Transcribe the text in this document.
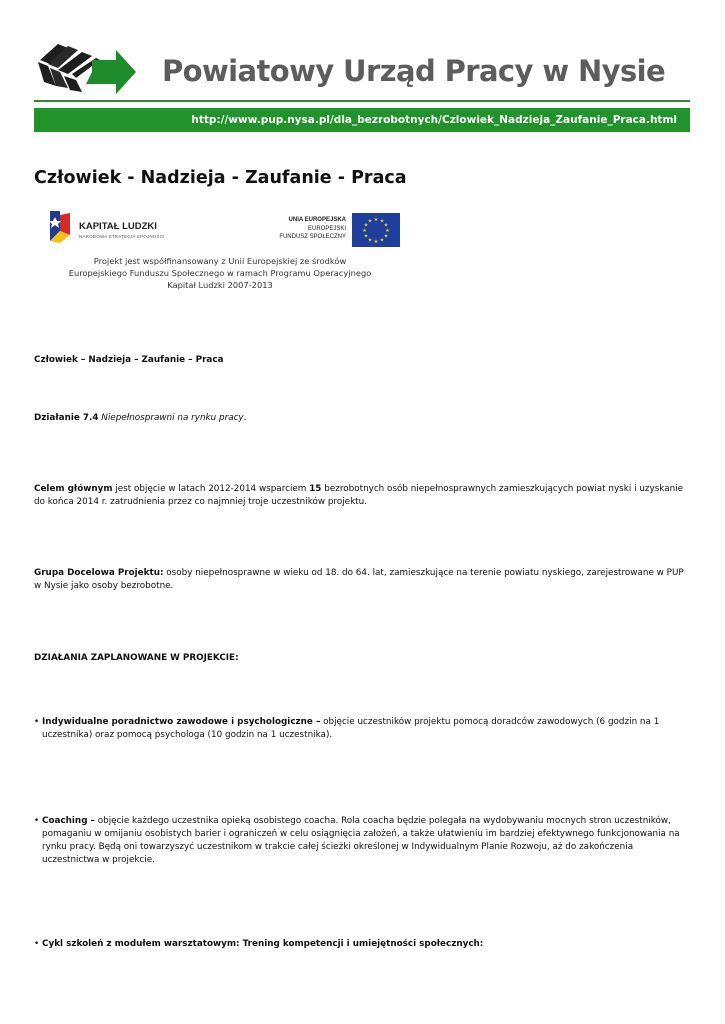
Powiatowy Urząd Pracy w Nysie
http://www.pup.nysa.pl/dla_bezrobotnych/Czlowiek_Nadzieja_Zaufanie_Praca.html
Człowiek - Nadzieja - Zaufanie - Praca
KAPITAŁ LUDZKI
NARODOWA STRATEGIA SPÓJNOŚCI
UNIA EUROPEJSKA
EUROPEJSKI
FUNDUSZ SPOŁECZNY
★ ★
★
★
★
★
★
★
★
★
★
★
Projekt jest współfinansowany z Unii Europejskiej ze środków
Europejskiego Funduszu Społecznego w ramach Programu Operacyjnego
Kapitał Ludzki 2007-2013

Człowiek – Nadzieja – Zaufanie – Praca

Działanie 7.4 Niepełnosprawni na rynku pracy.

Celem głównym jest objęcie w latach 2012-2014 wsparciem 15 bezrobotnych osób niepełnosprawnych zamieszkujących powiat nyski i uzyskanie do końca 2014 r. zatrudnienia przez co najmniej troje uczestników projektu.

Grupa Docelowa Projektu: osoby niepełnosprawne w wieku od 18. do 64. lat, zamieszkujące na terenie powiatu nyskiego, zarejestrowane w PUP w Nysie jako osoby bezrobotne.

DZIAŁANIA ZAPLANOWANE W PROJEKCIE:

• Indywidualne poradnictwo zawodowe i psychologiczne – objęcie uczestników projektu pomocą doradców zawodowych (6 godzin na 1 uczestnika) oraz pomocą psychologa (10 godzin na 1 uczestnika).
• Coaching – objęcie każdego uczestnika opieką osobistego coacha. Rola coacha będzie polegała na wydobywaniu mocnych stron uczestników, pomaganiu w omijaniu osobistych barier i ograniczeń w celu osiągnięcia założeń, a także ułatwieniu im bardziej efektywnego funkcjonowania na rynku pracy. Będą oni towarzyszyć uczestnikom w trakcie całej ścieżki określonej w Indywidualnym Planie Rozwoju, aż do zakończenia uczestnictwa w projekcie.
• Cykl szkoleń z modułem warsztatowym: Trening kompetencji i umiejętności społecznych:
